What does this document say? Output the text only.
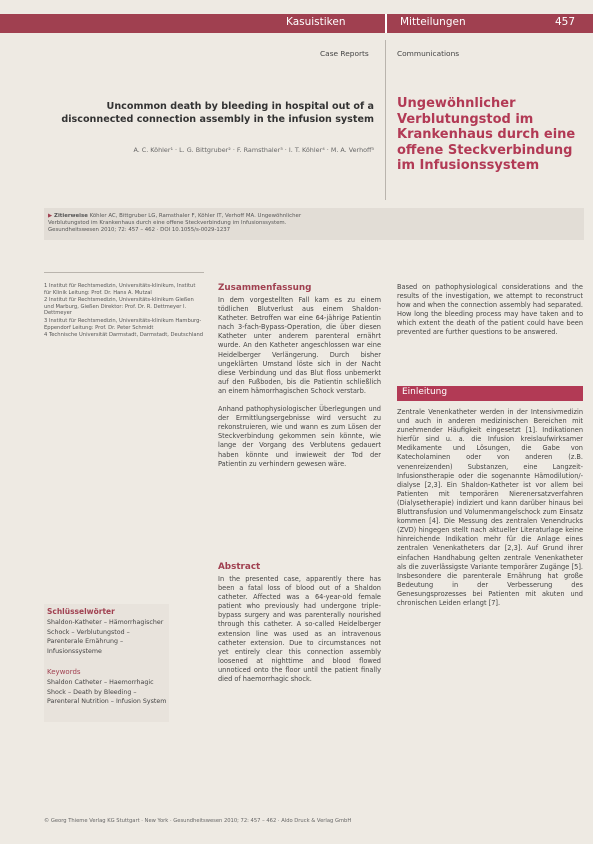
Kasuistiken	Mitteilungen	457
Case Reports	Communications
Uncommon death by bleeding in hospital out of a disconnected connection assembly in the infusion system
A. C. Köhler¹ · L. G. Bittgruber² · F. Ramsthaler³ · I. T. Köhler⁴ · M. A. Verhoff³
Ungewöhnlicher Verblutungstod im Krankenhaus durch eine offene Steckverbindung im Infusionssystem

▶ Zitierweise Köhler AC, Bittgruber LG, Ramsthaler F, Köhler IT, Verhoff MA. Ungewöhnlicher
Verblutungstod im Krankenhaus durch eine offene Steckverbindung im Infusionssystem.
Gesundheitswesen 2010; 72: 457 – 462 · DOI 10.1055/s-0029-1237

1 Institut für Rechtsmedizin, Universitäts-klinikum, Institut für Klinik Leitung: Prof. Dr. Hans A. Mutzal

2 Institut für Rechtsmedizin, Universitäts-klinikum Gießen und Marburg, Gießen Direktor: Prof. Dr. R. Dettmeyer I. Dettmeyer

3 Institut für Rechtsmedizin, Universitäts-klinikum Hamburg-Eppendorf Leitung: Prof. Dr. Peter Schmidt

4 Technische Universität Darmstadt, Darmstadt, Deutschland

Schlüsselwörter
Shaldon-Katheter – Hämorrhagischer Schock – Verblutungstod – Parenterale Ernährung – Infusionssysteme
Keywords
Shaldon Catheter – Haemorrhagic Shock – Death by Bleeding – Parenteral Nutrition – Infusion System
Zusammenfassung

In dem vorgestellten Fall kam es zu einem tödlichen Blutverlust aus einem Shaldon-Katheter. Betroffen war eine 64-jährige Patientin nach 3-fach-Bypass-Operation, die über diesen Katheter unter anderem parenteral ernährt wurde. An den Katheter angeschlossen war eine Heidelberger Verlängerung. Durch bisher ungeklärten Umstand löste sich in der Nacht diese Verbindung und das Blut floss unbemerkt auf den Fußboden, bis die Patientin schließlich an einem hämorrhagischen Schock verstarb.

Anhand pathophysiologischer Überlegungen und der Ermittlungsergebnisse wird versucht zu rekonstruieren, wie und wann es zum Lösen der Steckverbindung gekommen sein könnte, wie lange der Vorgang des Verblutens gedauert haben könnte und inwieweit der Tod der Patientin zu verhindern gewesen wäre.

Abstract
In the presented case, apparently there has been a fatal loss of blood out of a Shaldon catheter. Affected was a 64-year-old female patient who previously had undergone triple-bypass surgery and was parenterally nourished through this catheter. A so-called Heidelberger extension line was used as an intravenous catheter extension. Due to circumstances not yet entirely clear this connection assembly loosened at nighttime and blood flowed unnoticed onto the floor until the patient finally died of haemorrhagic shock.
Based on pathophysiological considerations and the results of the investigation, we attempt to reconstruct how and when the connection assembly had separated. How long the bleeding process may have taken and to which extent the death of the patient could have been prevented are further questions to be answered.
Einleitung
Zentrale Venenkatheter werden in der Intensivmedizin und auch in anderen medizinischen Bereichen mit zunehmender Häufigkeit eingesetzt [1]. Indikationen hierfür sind u. a. die Infusion kreislaufwirksamer Medikamente und Lösungen, die Gabe von Katecholaminen oder von anderen (z.B. venenreizenden) Substanzen, eine Langzeit-Infusionstherapie oder die sogenannte Hämodilution/-dialyse [2,3]. Ein Shaldon-Katheter ist vor allem bei Patienten mit temporären Nierenersatzverfahren (Dialysetherapie) indiziert und kann darüber hinaus bei Bluttransfusion und Volumenmangelschock zum Einsatz kommen [4]. Die Messung des zentralen Venendrucks (ZVD) hingegen stellt nach aktueller Literaturlage keine hinreichende Indikation mehr für die Anlage eines zentralen Venenkatheters dar [2,3]. Auf Grund ihrer einfachen Handhabung gelten zentrale Venenkatheter als die zuverlässigste Variante temporärer Zugänge [5]. Insbesondere die parenterale Ernährung hat große Bedeutung in der Verbesserung des Genesungsprozesses bei Patienten mit akuten und chronischen Leiden erlangt [7].
© Georg Thieme Verlag KG Stuttgart · New York · Gesundheitswesen 2010; 72: 457 – 462 · Aldo Druck & Verlag GmbH
